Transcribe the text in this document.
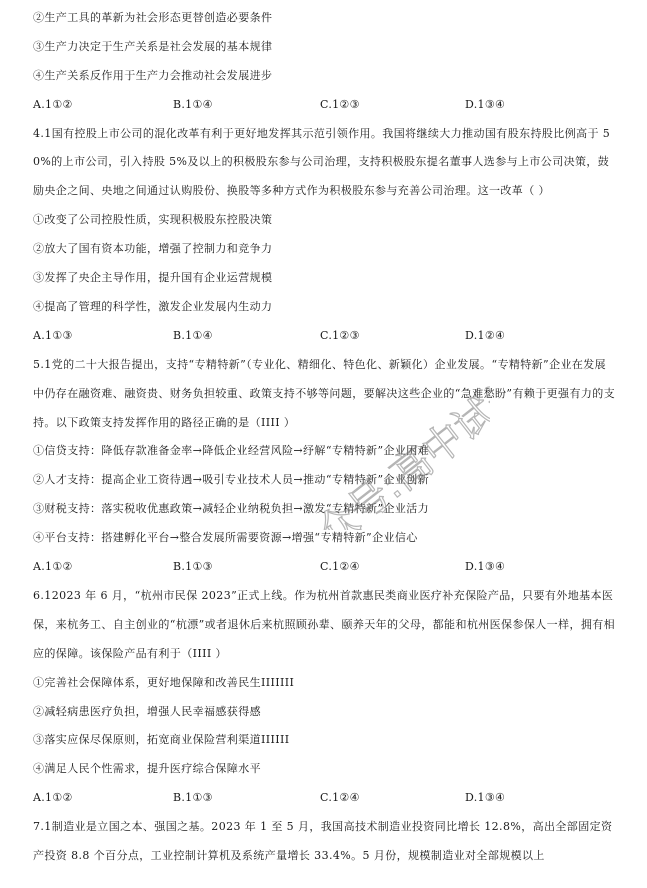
②生产工具的革新为社会形态更替创造必要条件
③生产力决定于生产关系是社会发展的基本规律
④生产关系反作用于生产力会推动社会发展进步
A.1①②	B.1①④	C.1②③	D.1③④
4.1国有控股上市公司的混化改革有利于更好地发挥其示范引领作用。我国将继续大力推动国有股东持股比例高于 50%的上市公司，引入持股 5%及以上的积极股东参与公司治理，支持积极股东提名董事人选参与上市公司决策，鼓励央企之间、央地之间通过认购股份、换股等多种方式作为积极股东参与充善公司治理。这一改革（ ）
①改变了公司控股性质，实现积极股东控股决策
②放大了国有资本功能，增强了控制力和竞争力
③发挥了央企主导作用，提升国有企业运营规模
④提高了管理的科学性，激发企业发展内生动力
A.1①③	B.1①④	C.1②③	D.1②④
5.1党的二十大报告提出，支持“专精特新”（专业化、精细化、特色化、新颖化）企业发展。“专精特新”企业在发展中仍存在融资难、融资贵、财务负担较重、政策支持不够等问题，要解决这些企业的“急难愁盼”有赖于更强有力的支持。以下政策支持发挥作用的路径正确的是（IIII ）
①信贷支持：降低存款准备金率→降低企业经营风险→纾解“专精特新”企业困难
②人才支持：提高企业工资待遇→吸引专业技术人员→推动“专精特新”企业创新
③财税支持：落实税收优惠政策→减轻企业纳税负担→激发“专精特新”企业活力
④平台支持：搭建孵化平台→整合发展所需要资源→增强“专精特新”企业信心
A.1①②	B.1①③	C.1②④	D.1③④
6.12023 年 6 月，“杭州市民保 2023”正式上线。作为杭州首款惠民类商业医疗补充保险产品，只要有外地基本医保，来杭务工、自主创业的“杭漂”或者退休后来杭照顾孙辈、颐养天年的父母，都能和杭州医保参保人一样，拥有相应的保障。该保险产品有利于（IIII ）
①完善社会保障体系，更好地保障和改善民生IIIIIII
②减轻病患医疗负担，增强人民幸福感获得感
③落实应保尽保原则，拓宽商业保险营利渠道IIIIII
④满足人民个性需求，提升医疗综合保障水平
A.1①②	B.1①③	C.1②④	D.1③④
7.1制造业是立国之本、强国之基。2023 年 1 至 5 月，我国高技术制造业投资同比增长 12.8%，高出全部固定资产投资 8.8 个百分点，工业控制计算机及系统产量增长 33.4%。5 月份，规模制造业对全部规模以上
公众号:高中试卷君
